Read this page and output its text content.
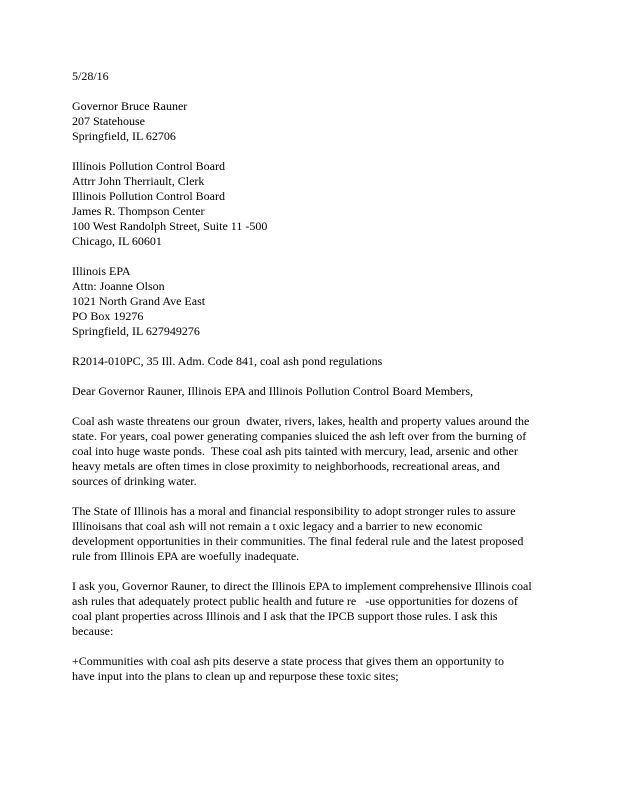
5/28/16
Governor Bruce Rauner
207 Statehouse
Springfield, IL 62706
Illinois Pollution Control Board
Attrr John Therriault, Clerk
Illinois Pollution Control Board
James R. Thompson Center
100 West Randolph Street, Suite 11 -500
Chicago, IL 60601
Illinois EPA
Attn: Joanne Olson
1021 North Grand Ave East
PO Box 19276
Springfield, IL 627949276
R2014-010PC, 35 Ill. Adm. Code 841, coal ash pond regulations
Dear Governor Rauner, Illinois EPA and Illinois Pollution Control Board Members,
Coal ash waste threatens our groun  dwater, rivers, lakes, health and property values around the
state. For years, coal power generating companies sluiced the ash left over from the burning of
coal into huge waste ponds.  These coal ash pits tainted with mercury, lead, arsenic and other
heavy metals are often times in close proximity to neighborhoods, recreational areas, and
sources of drinking water.
The State of Illinois has a moral and financial responsibility to adopt stronger rules to assure
Illinoisans that coal ash will not remain a t oxic legacy and a barrier to new economic
development opportunities in their communities. The final federal rule and the latest proposed
rule from Illinois EPA are woefully inadequate.
I ask you, Governor Rauner, to direct the Illinois EPA to implement comprehensive Illinois coal
ash rules that adequately protect public health and future re   -use opportunities for dozens of
coal plant properties across Illinois and I ask that the IPCB support those rules. I ask this
because:
+Communities with coal ash pits deserve a state process that gives them an opportunity to
have input into the plans to clean up and repurpose these toxic sites;
